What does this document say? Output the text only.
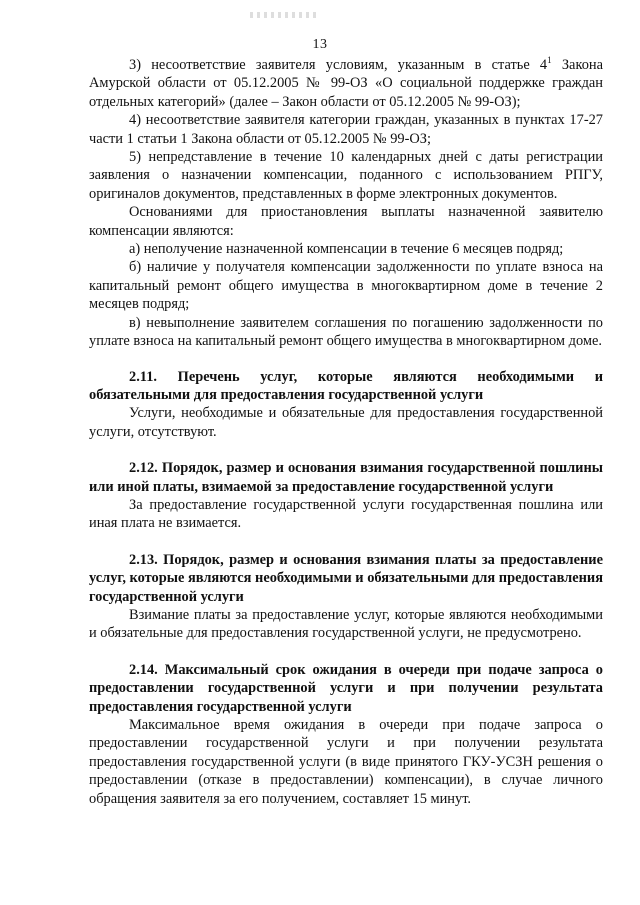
13

3) несоответствие заявителя условиям, указанным в статье $4^1$ Закона Амурской области от 05.12.2005 № 99-ОЗ «О социальной поддержке граждан отдельных категорий» (далее – Закон области от 05.12.2005 № 99-ОЗ);

4) несоответствие заявителя категории граждан, указанных в пунктах 17-27 части 1 статьи 1 Закона области от 05.12.2005 № 99-ОЗ;

5) непредставление в течение 10 календарных дней с даты регистрации заявления о назначении компенсации, поданного с использованием РПГУ, оригиналов документов, представленных в форме электронных документов.

Основаниями для приостановления выплаты назначенной заявителю компенсации являются:

а) неполучение назначенной компенсации в течение 6 месяцев подряд;

б) наличие у получателя компенсации задолженности по уплате взноса на капитальный ремонт общего имущества в многоквартирном доме в течение 2 месяцев подряд;

в) невыполнение заявителем соглашения по погашению задолженности по уплате взноса на капитальный ремонт общего имущества в многоквартирном доме.

2.11. Перечень услуг, которые являются необходимыми и обязательными для предоставления государственной услуги

Услуги, необходимые и обязательные для предоставления государственной услуги, отсутствуют.

2.12. Порядок, размер и основания взимания государственной пошлины или иной платы, взимаемой за предоставление государственной услуги

За предоставление государственной услуги государственная пошлина или иная плата не взимается.

2.13. Порядок, размер и основания взимания платы за предоставление услуг, которые являются необходимыми и обязательными для предоставления государственной услуги

Взимание платы за предоставление услуг, которые являются необходимыми и обязательные для предоставления государственной услуги, не предусмотрено.

2.14. Максимальный срок ожидания в очереди при подаче запроса о предоставлении государственной услуги и при получении результата предоставления государственной услуги

Максимальное время ожидания в очереди при подаче запроса о предоставлении государственной услуги и при получении результата предоставления государственной услуги (в виде принятого ГКУ-УСЗН решения о предоставлении (отказе в предоставлении) компенсации), в случае личного обращения заявителя за его получением, составляет 15 минут.
